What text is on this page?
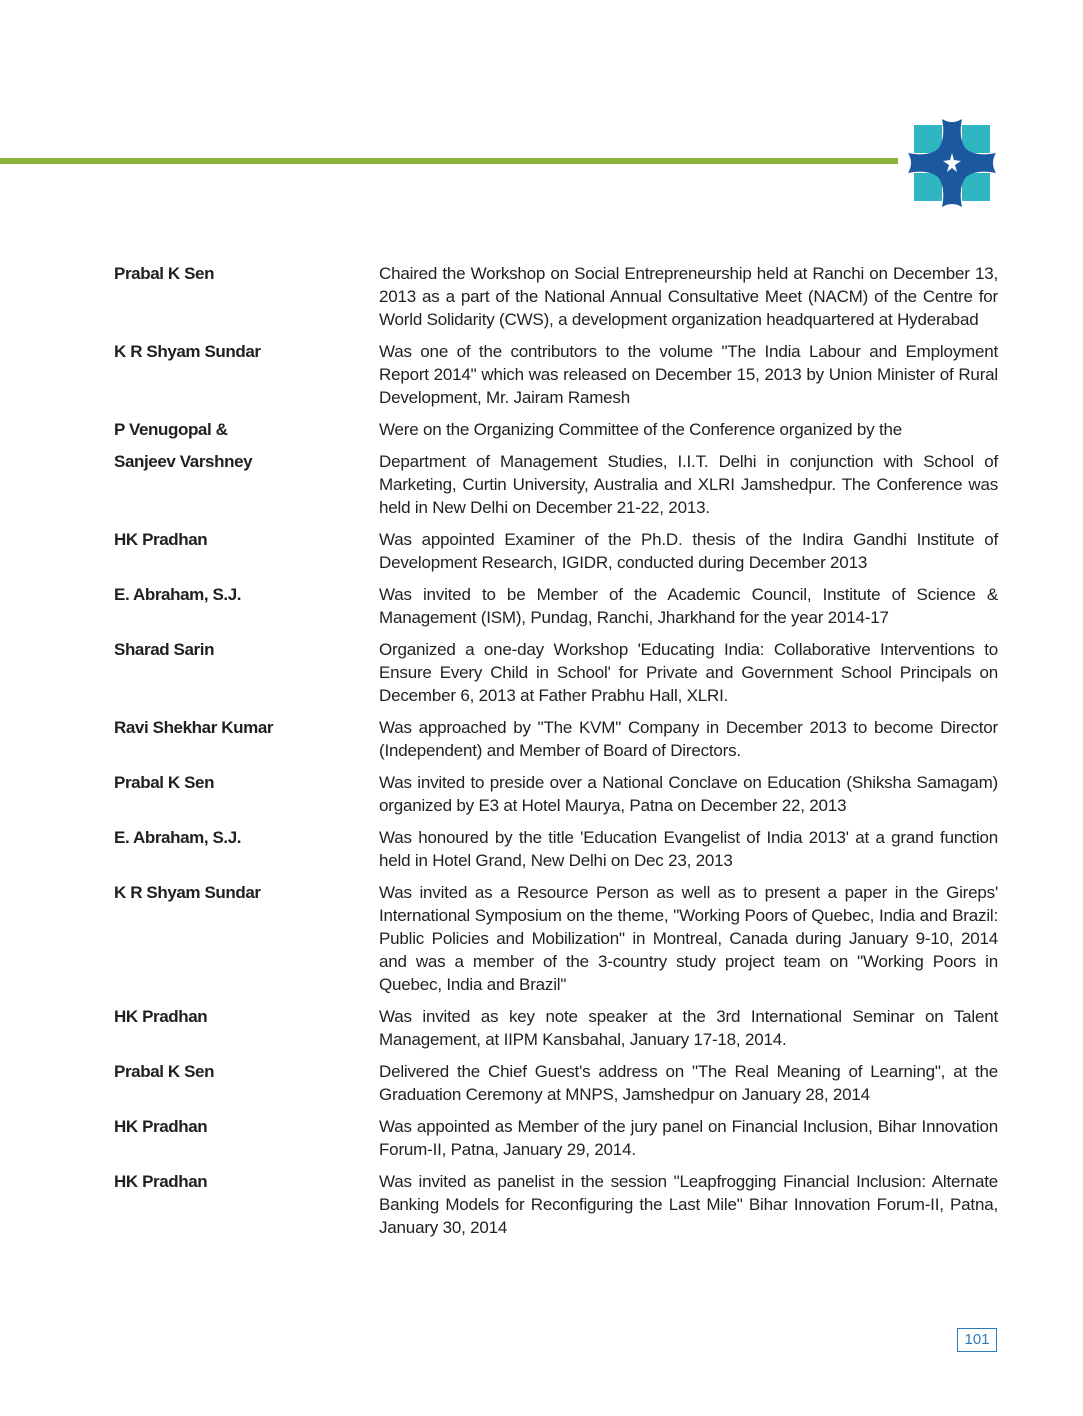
Prabal K Sen	Chaired the Workshop on Social Entrepreneurship held at Ranchi on December 13, 2013 as a part of the National Annual Consultative Meet (NACM) of the Centre for World Solidarity (CWS), a development organization headquartered at Hyderabad
K R Shyam Sundar	Was one of the contributors to the volume "The India Labour and Employment Report 2014" which was released on December 15, 2013 by Union Minister of Rural Development, Mr. Jairam Ramesh
P Venugopal &	Were on the Organizing Committee of the Conference organized by the
Sanjeev Varshney	Department of Management Studies, I.I.T. Delhi in conjunction with School of Marketing, Curtin University, Australia and XLRI Jamshedpur. The Conference was held in New Delhi on December 21-22, 2013.
HK Pradhan	Was appointed Examiner of the Ph.D. thesis of the Indira Gandhi Institute of Development Research, IGIDR, conducted during December 2013
E. Abraham, S.J.	Was invited to be Member of the Academic Council, Institute of Science & Management (ISM), Pundag, Ranchi, Jharkhand for the year 2014-17
Sharad Sarin	Organized a one-day Workshop 'Educating India: Collaborative Interventions to Ensure Every Child in School' for Private and Government School Principals on December 6, 2013 at Father Prabhu Hall, XLRI.
Ravi Shekhar Kumar	Was approached by "The KVM" Company in December 2013 to become Director (Independent) and Member of Board of Directors.
Prabal K Sen	Was invited to preside over a National Conclave on Education (Shiksha Samagam) organized by E3 at Hotel Maurya, Patna on December 22, 2013
E. Abraham, S.J.	Was honoured by the title 'Education Evangelist of India 2013' at a grand function held in Hotel Grand, New Delhi on Dec 23, 2013
K R Shyam Sundar	Was invited as a Resource Person as well as to present a paper in the Gireps' International Symposium on the theme, "Working Poors of Quebec, India and Brazil: Public Policies and Mobilization" in Montreal, Canada during January 9-10, 2014 and was a member of the 3-country study project team on "Working Poors in Quebec, India and Brazil"
HK Pradhan	Was invited as key note speaker at the 3rd International Seminar on Talent Management, at IIPM Kansbahal, January 17-18, 2014.
Prabal K Sen	Delivered the Chief Guest's address on "The Real Meaning of Learning", at the Graduation Ceremony at MNPS, Jamshedpur on January 28, 2014
HK Pradhan	Was appointed as Member of the jury panel on Financial Inclusion, Bihar Innovation Forum-II, Patna, January 29, 2014.
HK Pradhan	Was invited as panelist in the session "Leapfrogging Financial Inclusion: Alternate Banking Models for Reconfiguring the Last Mile" Bihar Innovation Forum-II, Patna, January 30, 2014
101
